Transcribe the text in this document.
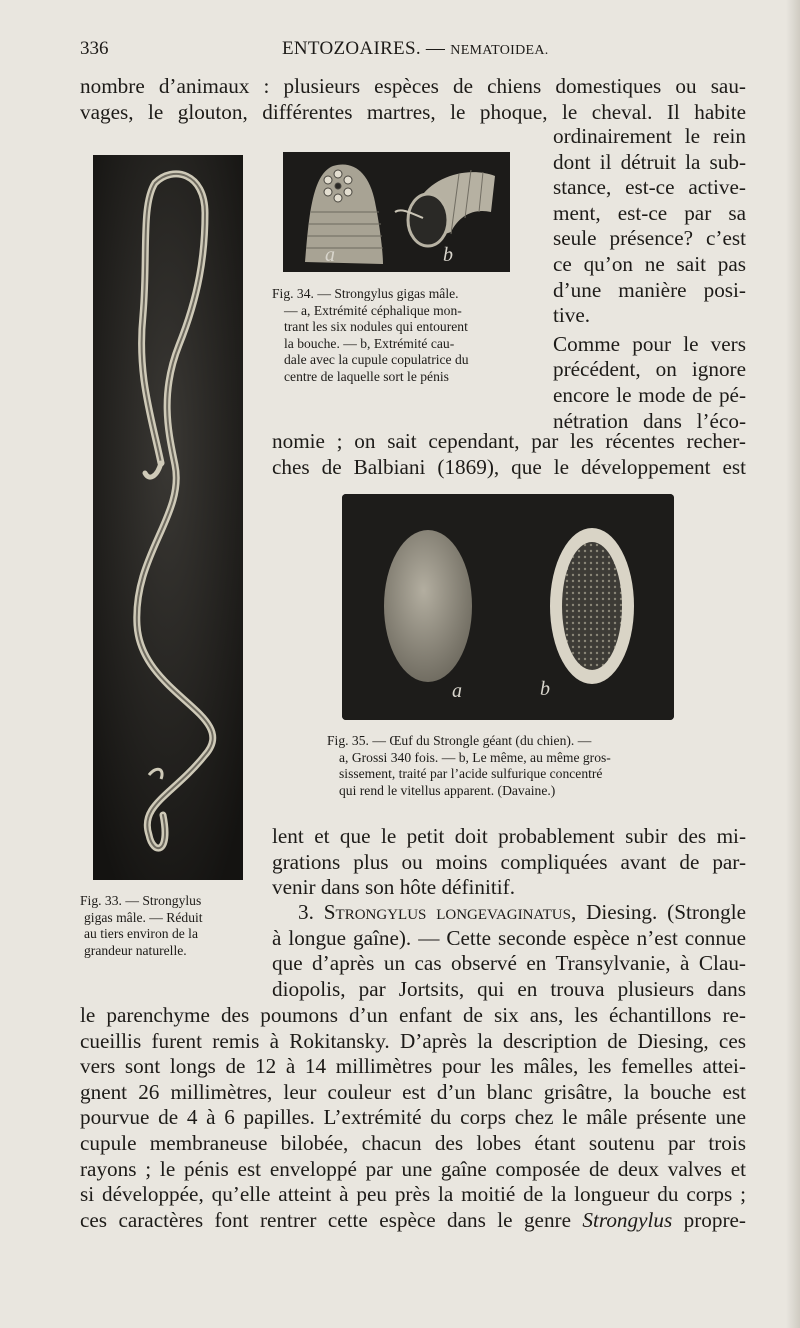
336	ENTOZOAIRES. — NEMATOIDEA.
nombre d’animaux : plusieurs espèces de chiens domestiques ou sau-
vages, le glouton, différentes martres, le phoque, le cheval. Il habite
ordinairement le rein
dont il détruit la sub-
stance, est-ce active-
ment, est-ce par sa
seule présence? c’est
ce qu’on ne sait pas
d’une manière posi-
tive.
Comme pour le vers
précédent, on ignore
encore le mode de pé-
nétration dans l’éco-
a	b
Fig. 34. — Strongylus gigas mâle.
— a, Extrémité céphalique mon-
trant les six nodules qui entourent
la bouche. — b, Extrémité cau-
dale avec la cupule copulatrice du
centre de laquelle sort le pénis
nomie ; on sait cependant, par les récentes recher-
ches de Balbiani (1869), que le développement est
a	b
Fig. 35. — Œuf du Strongle géant (du chien). —
a, Grossi 340 fois. — b, Le même, au même gros-
sissement, traité par l’acide sulfurique concentré
qui rend le vitellus apparent. (Davaine.)
lent et que le petit doit probablement subir des mi-
grations plus ou moins compliquées avant de par-
venir dans son hôte définitif.
Fig. 33. — Strongylus
gigas mâle. — Réduit
au tiers environ de la
grandeur naturelle.
3. Strongylus longevaginatus, Diesing. (Strongle
à longue gaîne). — Cette seconde espèce n’est connue
que d’après un cas observé en Transylvanie, à Clau-
diopolis, par Jortsits, qui en trouva plusieurs dans
le parenchyme des poumons d’un enfant de six ans, les échantillons re-
cueillis furent remis à Rokitansky. D’après la description de Diesing, ces
vers sont longs de 12 à 14 millimètres pour les mâles, les femelles attei-
gnent 26 millimètres, leur couleur est d’un blanc grisâtre, la bouche est
pourvue de 4 à 6 papilles. L’extrémité du corps chez le mâle présente une
cupule membraneuse bilobée, chacun des lobes étant soutenu par trois
rayons ; le pénis est enveloppé par une gaîne composée de deux valves et
si développée, qu’elle atteint à peu près la moitié de la longueur du corps ;
ces caractères font rentrer cette espèce dans le genre Strongylus propre-
